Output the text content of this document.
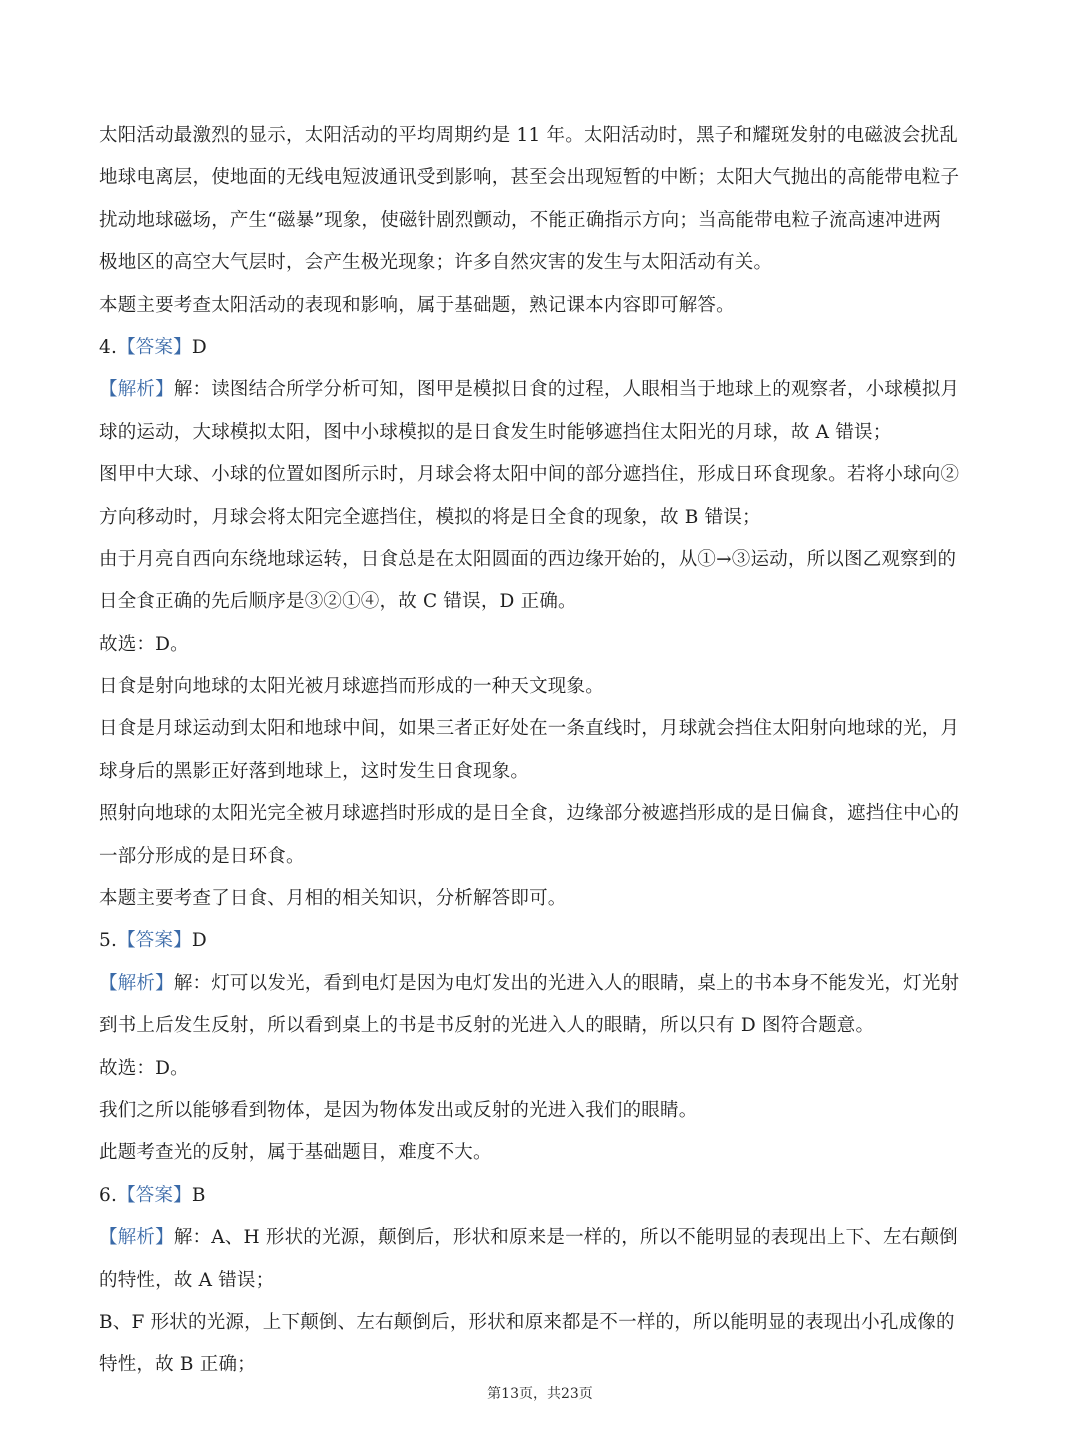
太阳活动最激烈的显示，太阳活动的平均周期约是 11 年。太阳活动时，黑子和耀斑发射的电磁波会扰乱
地球电离层，使地面的无线电短波通讯受到影响，甚至会出现短暂的中断；太阳大气抛出的高能带电粒子
扰动地球磁场，产生“磁暴”现象，使磁针剧烈颤动，不能正确指示方向；当高能带电粒子流高速冲进两
极地区的高空大气层时，会产生极光现象；许多自然灾害的发生与太阳活动有关。
本题主要考查太阳活动的表现和影响，属于基础题，熟记课本内容即可解答。
4.【答案】D
【解析】解：读图结合所学分析可知，图甲是模拟日食的过程，人眼相当于地球上的观察者，小球模拟月
球的运动，大球模拟太阳，图中小球模拟的是日食发生时能够遮挡住太阳光的月球，故 A 错误；
图甲中大球、小球的位置如图所示时，月球会将太阳中间的部分遮挡住，形成日环食现象。若将小球向②
方向移动时，月球会将太阳完全遮挡住，模拟的将是日全食的现象，故 B 错误；
由于月亮自西向东绕地球运转，日食总是在太阳圆面的西边缘开始的，从①→③运动，所以图乙观察到的
日全食正确的先后顺序是③②①④，故 C 错误，D 正确。
故选：D。
日食是射向地球的太阳光被月球遮挡而形成的一种天文现象。
日食是月球运动到太阳和地球中间，如果三者正好处在一条直线时，月球就会挡住太阳射向地球的光，月
球身后的黑影正好落到地球上，这时发生日食现象。
照射向地球的太阳光完全被月球遮挡时形成的是日全食，边缘部分被遮挡形成的是日偏食，遮挡住中心的
一部分形成的是日环食。
本题主要考查了日食、月相的相关知识，分析解答即可。
5.【答案】D
【解析】解：灯可以发光，看到电灯是因为电灯发出的光进入人的眼睛，桌上的书本身不能发光，灯光射
到书上后发生反射，所以看到桌上的书是书反射的光进入人的眼睛，所以只有 D 图符合题意。
故选：D。
我们之所以能够看到物体，是因为物体发出或反射的光进入我们的眼睛。
此题考查光的反射，属于基础题目，难度不大。
6.【答案】B
【解析】解：A、H 形状的光源，颠倒后，形状和原来是一样的，所以不能明显的表现出上下、左右颠倒
的特性，故 A 错误；
B、F 形状的光源，上下颠倒、左右颠倒后，形状和原来都是不一样的，所以能明显的表现出小孔成像的
特性，故 B 正确；
第13页，共23页
